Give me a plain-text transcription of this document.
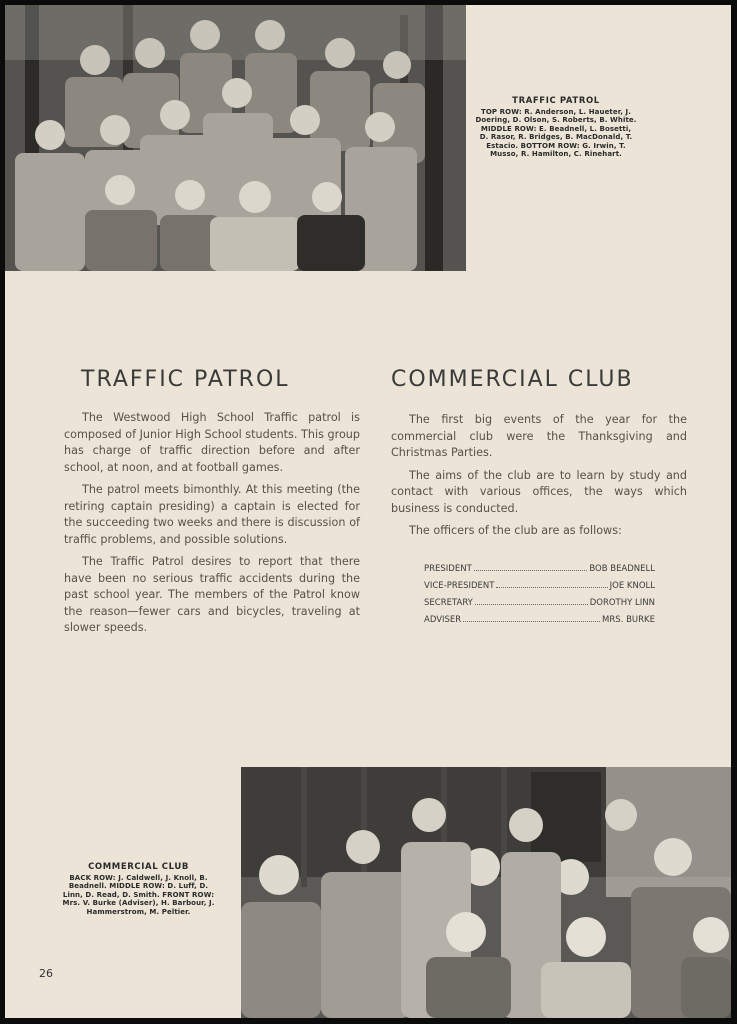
TRAFFIC PATROL
TOP ROW: R. Anderson, L. Haueter, J.
Doering, D. Olson, S. Roberts, B. White.
MIDDLE ROW: E. Beadnell, L. Bosetti,
D. Rasor, R. Bridges, B. MacDonald, T.
Estacio. BOTTOM ROW: G. Irwin, T.
Musso, R. Hamilton, C. Rinehart.
TRAFFIC PATROL	COMMERCIAL CLUB

The Westwood High School Traffic patrol is composed of Junior High School students. This group has charge of traffic direction before and after school, at noon, and at football games.

The patrol meets bimonthly. At this meeting (the retiring captain presiding) a captain is elected for the succeeding two weeks and there is discussion of traffic problems, and possible solutions.

The Traffic Patrol desires to report that there have been no serious traffic accidents during the past school year. The members of the Patrol know the reason—fewer cars and bicycles, traveling at slower speeds.

The first big events of the year for the commercial club were the Thanksgiving and Christmas Parties.

The aims of the club are to learn by study and contact with various offices, the ways which business is conducted.

The officers of the club are as follows:

PRESIDENT	BOB BEADNELL
VICE-PRESIDENT	JOE KNOLL
SECRETARY	DOROTHY LINN
ADVISER	MRS. BURKE
COMMERCIAL CLUB
BACK ROW: J. Caldwell, J. Knoll, B.
Beadnell. MIDDLE ROW: D. Luff, D.
Linn, D. Read, D. Smith. FRONT ROW:
Mrs. V. Burke (Adviser), H. Barbour, J.
Hammerstrom, M. Peltier.
26
